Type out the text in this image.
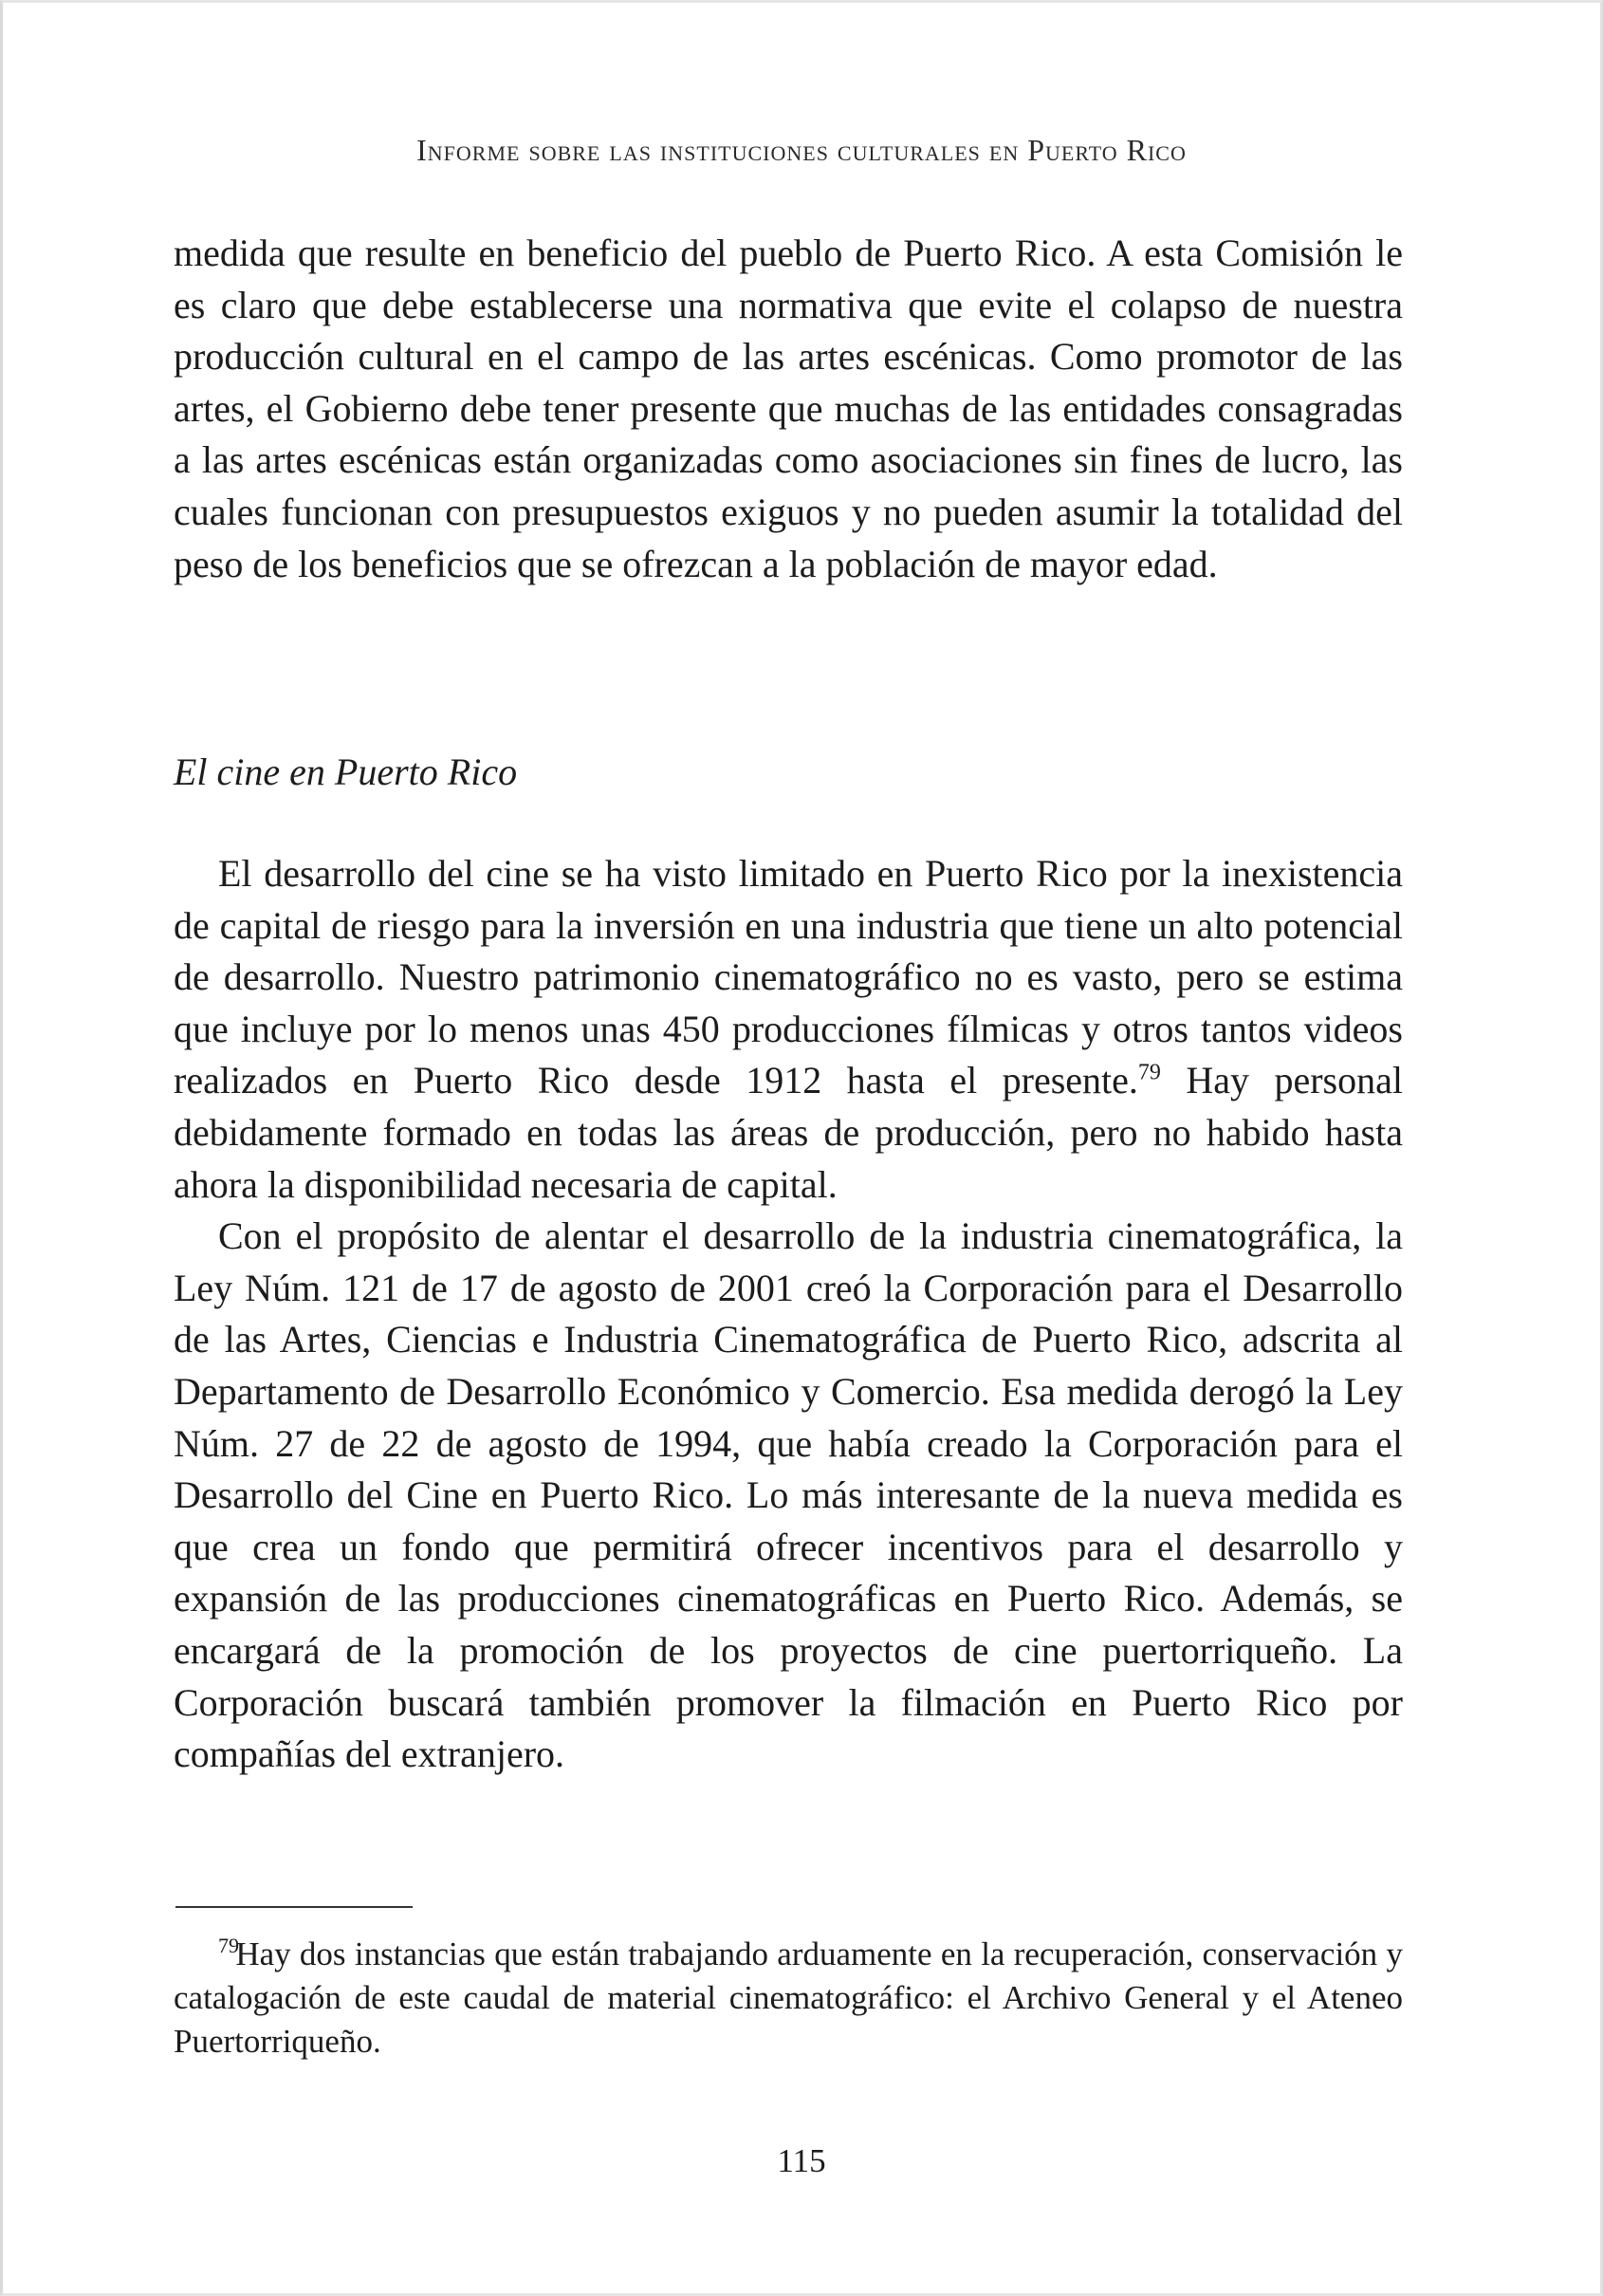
Informe sobre las instituciones culturales en Puerto Rico

medida que resulte en beneficio del pueblo de Puerto Rico. A esta Comisión le es claro que debe establecerse una normativa que evite el colapso de nuestra producción cultural en el campo de las artes escénicas. Como promotor de las artes, el Gobierno debe tener presente que muchas de las entidades consagradas a las artes escénicas están organizadas como asociaciones sin fines de lucro, las cuales funcionan con presupuestos exiguos y no pueden asumir la totalidad del peso de los beneficios que se ofrezcan a la población de mayor edad.

El cine en Puerto Rico

El desarrollo del cine se ha visto limitado en Puerto Rico por la inexistencia de capital de riesgo para la inversión en una industria que tiene un alto potencial de desarrollo. Nuestro patrimonio cinematográfico no es vasto, pero se estima que incluye por lo menos unas 450 producciones fílmicas y otros tantos videos realizados en Puerto Rico desde 1912 hasta el presente.$^{79}$ Hay personal debidamente formado en todas las áreas de producción, pero no habido hasta ahora la disponibilidad necesaria de capital.

Con el propósito de alentar el desarrollo de la industria cinematográfica, la Ley Núm. 121 de 17 de agosto de 2001 creó la Corporación para el Desarrollo de las Artes, Ciencias e Industria Cinematográfica de Puerto Rico, adscrita al Departamento de Desarrollo Económico y Comercio. Esa medida derogó la Ley Núm. 27 de 22 de agosto de 1994, que había creado la Corporación para el Desarrollo del Cine en Puerto Rico. Lo más interesante de la nueva medida es que crea un fondo que permitirá ofrecer incentivos para el desarrollo y expansión de las producciones cinematográficas en Puerto Rico. Además, se encargará de la promoción de los proyectos de cine puertorriqueño. La Corporación buscará también promover la filmación en Puerto Rico por compañías del extranjero.

79 Hay dos instancias que están trabajando arduamente en la recuperación, conservación y catalogación de este caudal de material cinematográfico: el Archivo General y el Ateneo Puertorriqueño.

115
